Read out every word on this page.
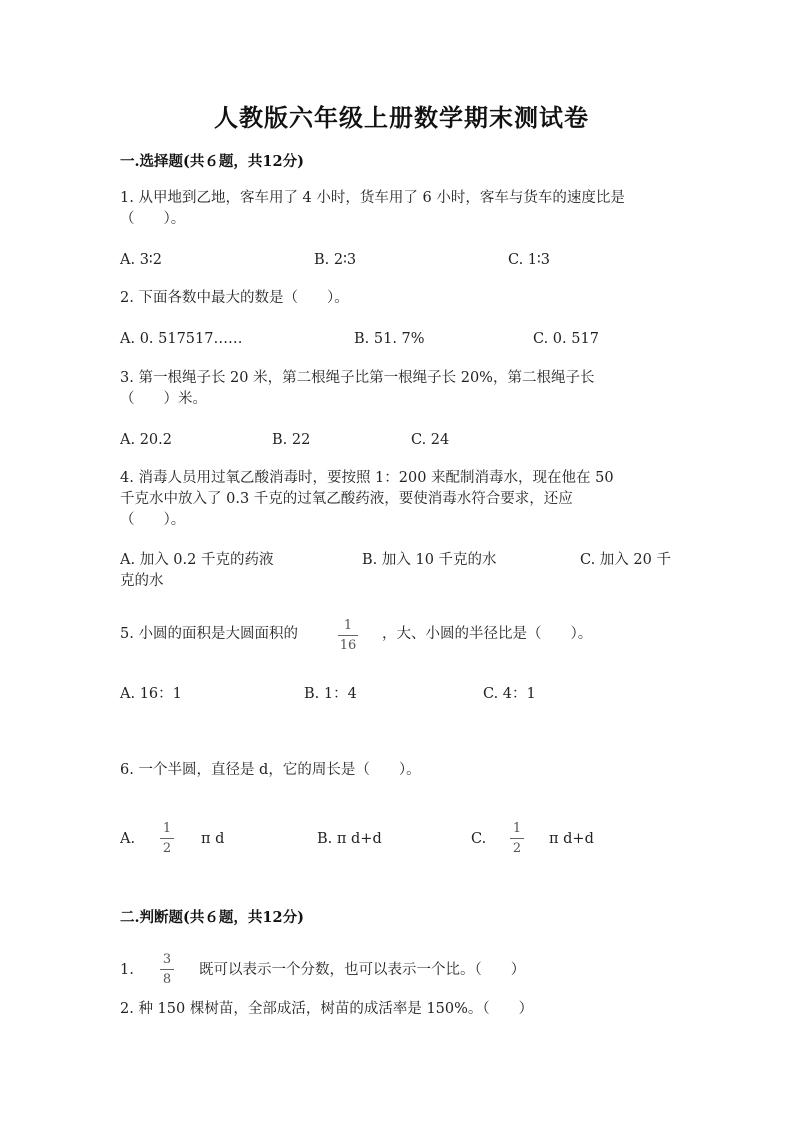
人教版六年级上册数学期末测试卷
一.选择题(共６题，共12分)
1. 从甲地到乙地，客车用了 4 小时，货车用了 6 小时，客车与货车的速度比是
（　　）。
A. 3∶2	B. 2∶3	C. 1∶3
2. 下面各数中最大的数是（　　）。
A. 0. 517517……	B. 51. 7%	C. 0. 517
3. 第一根绳子长 20 米，第二根绳子比第一根绳子长 20%，第二根绳子长
（　　）米。
A. 20.2	B. 22	C. 24
4. 消毒人员用过氧乙酸消毒时，要按照 1：200 来配制消毒水，现在他在 50
千克水中放入了 0.3 千克的过氧乙酸药液，要使消毒水符合要求，还应
（　　）。
A. 加入 0.2 千克的药液	B. 加入 10 千克的水	C. 加入 20 千
克的水
5. 小圆的面积是大圆面积的
1
16
，大、小圆的半径比是（　　）。
A. 16：1	B. 1：4	C. 4：1
6. 一个半圆，直径是 d，它的周长是（　　）。
A.
1
2
π d	B. π d+d	C.
1
2
π d+d
二.判断题(共６题，共12分)
1.
3
8
既可以表示一个分数，也可以表示一个比。（　　）
2. 种 150 棵树苗，全部成活，树苗的成活率是 150%。（　　）
